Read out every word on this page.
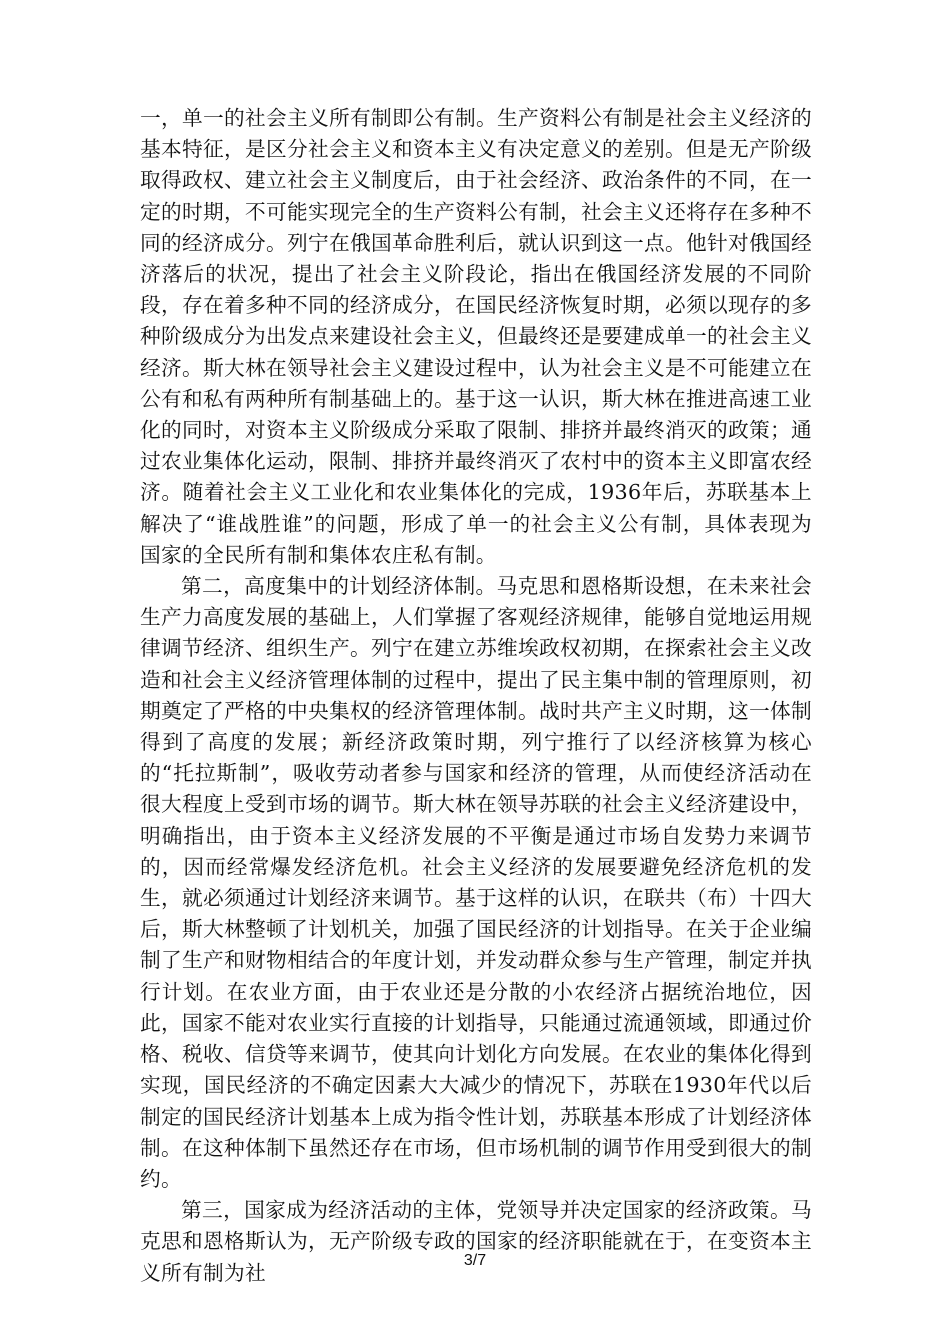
一，单一的社会主义所有制即公有制。生产资料公有制是社会主义经济的基本特征，是区分社会主义和资本主义有决定意义的差别。但是无产阶级取得政权、建立社会主义制度后，由于社会经济、政治条件的不同，在一定的时期，不可能实现完全的生产资料公有制，社会主义还将存在多种不同的经济成分。列宁在俄国革命胜利后，就认识到这一点。他针对俄国经济落后的状况，提出了社会主义阶段论，指出在俄国经济发展的不同阶段，存在着多种不同的经济成分，在国民经济恢复时期，必须以现存的多种阶级成分为出发点来建设社会主义，但最终还是要建成单一的社会主义经济。斯大林在领导社会主义建设过程中，认为社会主义是不可能建立在公有和私有两种所有制基础上的。基于这一认识，斯大林在推进高速工业化的同时，对资本主义阶级成分采取了限制、排挤并最终消灭的政策；通过农业集体化运动，限制、排挤并最终消灭了农村中的资本主义即富农经济。随着社会主义工业化和农业集体化的完成，1936年后，苏联基本上解决了“谁战胜谁”的问题，形成了单一的社会主义公有制，具体表现为国家的全民所有制和集体农庄私有制。

第二，高度集中的计划经济体制。马克思和恩格斯设想，在未来社会生产力高度发展的基础上，人们掌握了客观经济规律，能够自觉地运用规律调节经济、组织生产。列宁在建立苏维埃政权初期，在探索社会主义改造和社会主义经济管理体制的过程中，提出了民主集中制的管理原则，初期奠定了严格的中央集权的经济管理体制。战时共产主义时期，这一体制得到了高度的发展；新经济政策时期，列宁推行了以经济核算为核心的“托拉斯制”，吸收劳动者参与国家和经济的管理，从而使经济活动在很大程度上受到市场的调节。斯大林在领导苏联的社会主义经济建设中，明确指出，由于资本主义经济发展的不平衡是通过市场自发势力来调节的，因而经常爆发经济危机。社会主义经济的发展要避免经济危机的发生，就必须通过计划经济来调节。基于这样的认识，在联共（布）十四大后，斯大林整顿了计划机关，加强了国民经济的计划指导。在关于企业编制了生产和财物相结合的年度计划，并发动群众参与生产管理，制定并执行计划。在农业方面，由于农业还是分散的小农经济占据统治地位，因此，国家不能对农业实行直接的计划指导，只能通过流通领域，即通过价格、税收、信贷等来调节，使其向计划化方向发展。在农业的集体化得到实现，国民经济的不确定因素大大减少的情况下，苏联在1930年代以后制定的国民经济计划基本上成为指令性计划，苏联基本形成了计划经济体制。在这种体制下虽然还存在市场，但市场机制的调节作用受到很大的制约。

第三，国家成为经济活动的主体，党领导并决定国家的经济政策。马克思和恩格斯认为，无产阶级专政的国家的经济职能就在于，在变资本主义所有制为社

3/7
